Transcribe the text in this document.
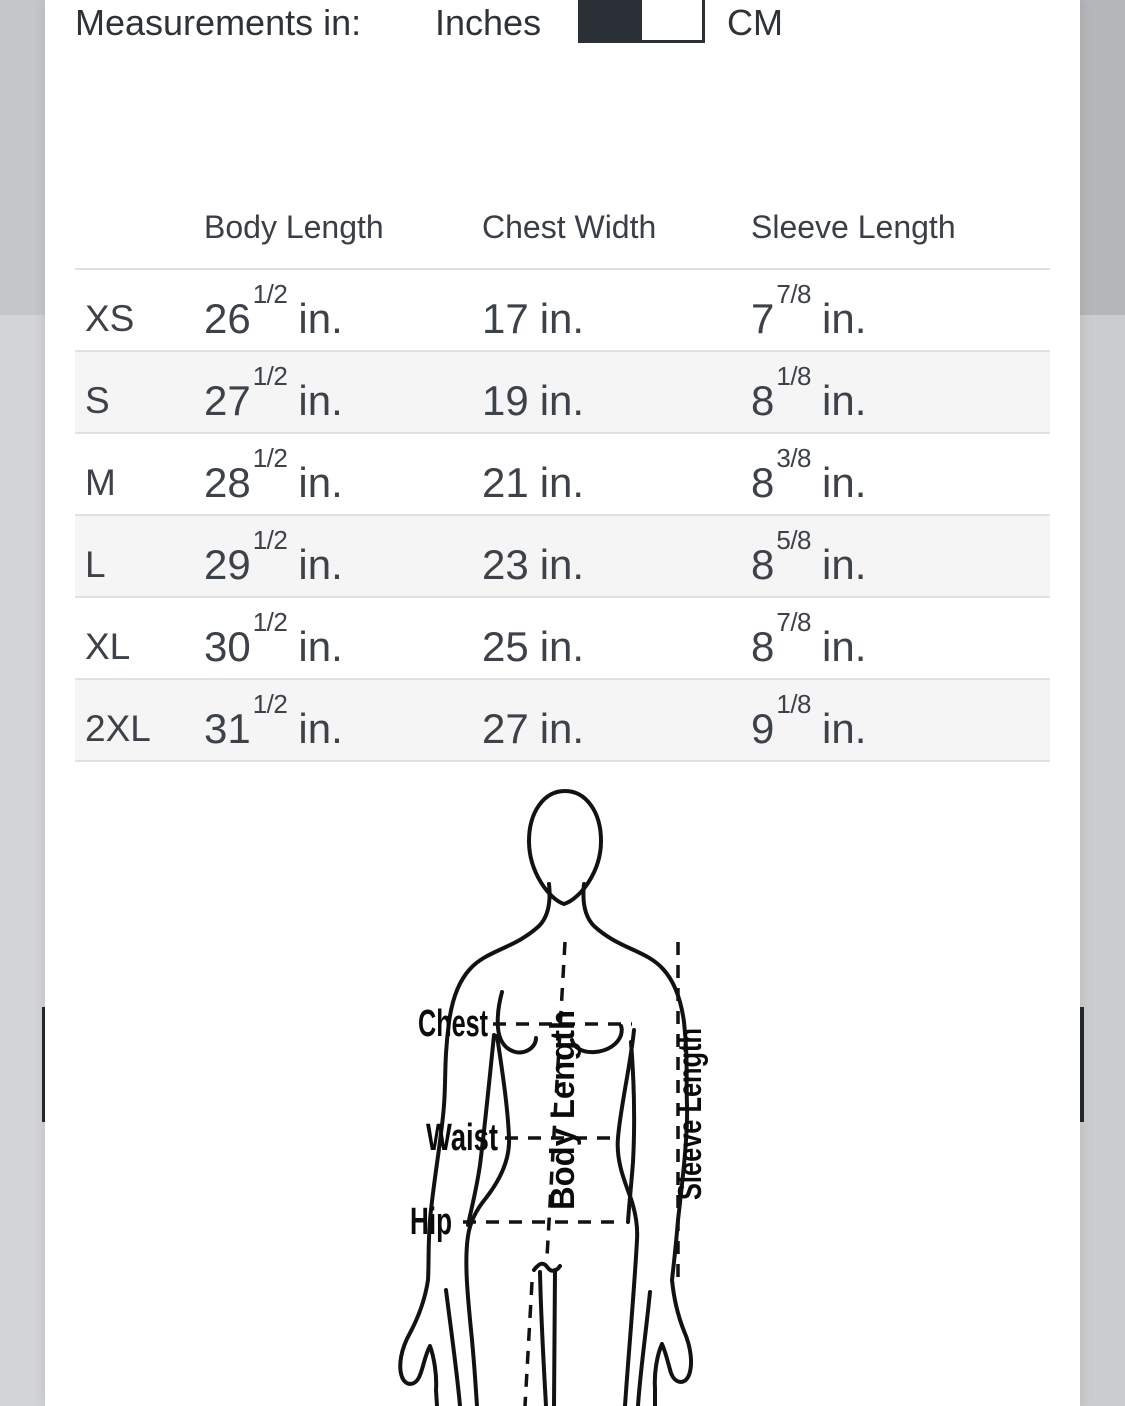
Measurements in: Inches	CM
Body Length	Chest Width	Sleeve Length
XS $26^{1/2}in$.	17 in.	$7^{7/8}in$.
S $27^{1/2}in$.	19 in.	$8^{1/8}in$.
M $28^{1/2}in$.	21 in.	$8^{3/8}in$.
L $29^{1/2}in$.	23 in.	$8^{5/8}in$.
XL $30^{1/2}in$.	25 in.	$8^{7/8}in$.
2XL $31^{1/2}in$.	27 in.	$9^{1/8}in$.
Chest
Waist
Hip
Body Length	Sleeve Length
